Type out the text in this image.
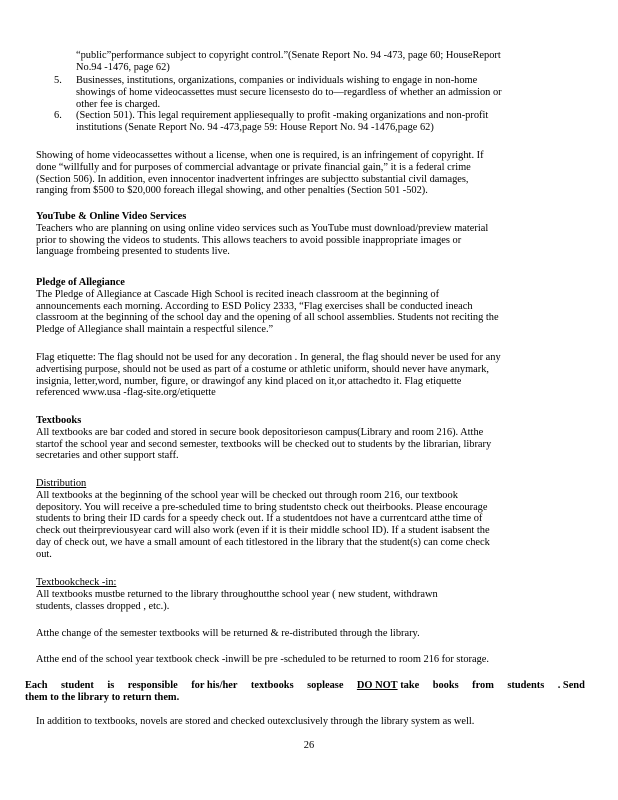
“public”performance subject to copyright control.”(Senate Report No. 94 -473, page 60; HouseReport

No.94 -1476, page 62)

5.	Businesses, institutions, organizations, companies or individuals wishing to engage in non-home

showings of home videocassettes must secure licensesto do to—regardless of whether an admission or

other fee is charged.

6.	(Section 501). This legal requirement appliesequally to profit -making organizations and non-profit

institutions (Senate Report No. 94 -473,page 59: House Report No. 94 -1476,page 62)

Showing of home videocassettes without a license, when one is required, is an infringement of copyright. If

done “willfully and for purposes of commercial advantage or private financial gain,” it is a federal crime

(Section 506). In addition, even innocentor inadvertent infringes are subjectto substantial civil damages,

ranging from $500 to $20,000 foreach illegal showing, and other penalties (Section 501 -502).

YouTube & Online Video Services

Teachers who are planning on using online video services such as YouTube must download/preview material

prior to showing the videos to students. This allows teachers to avoid possible inappropriate images or

language frombeing presented to students live.

Pledge of Allegiance

The Pledge of Allegiance at Cascade High School is recited ineach classroom at the beginning of

announcements each morning. According to ESD Policy 2333, “Flag exercises shall be conducted ineach

classroom at the beginning of the school day and the opening of all school assemblies. Students not reciting the

Pledge of Allegiance shall maintain a respectful silence.”

Flag etiquette: The flag should not be used for any decoration . In general, the flag should never be used for any

advertising purpose, should not be used as part of a costume or athletic uniform, should never have anymark,

insignia, letter,word, number, figure, or drawingof any kind placed on it,or attachedto it. Flag etiquette

referenced www.usa -flag-site.org/etiquette

Textbooks

All textbooks are bar coded and stored in secure book depositorieson campus(Library and room 216). Atthe

startof the school year and second semester, textbooks will be checked out to students by the librarian, library

secretaries and other support staff.

Distribution

All textbooks at the beginning of the school year will be checked out through room 216, our textbook

depository. You will receive a pre-scheduled time to bring studentsto check out theirbooks. Please encourage

students to bring their ID cards for a speedy check out. If a studentdoes not have a currentcard atthe time of

check out theirpreviousyear card will also work (even if it is their middle school ID). If a student isabsent the

day of check out, we have a small amount of each titlestored in the library that the student(s) can come check

out.

Textbookcheck -in:

All textbooks mustbe returned to the library throughoutthe school year ( new student, withdrawn

students, classes dropped , etc.).

Atthe change of the semester textbooks will be returned & re-distributed through the library.

Atthe end of the school year textbook check -inwill be pre -scheduled to be returned to room 216 for storage.

Each student is responsible for his/her textbooks soplease DO NOT take books from students . Send

them to the library to return them.

In addition to textbooks, novels are stored and checked outexclusively through the library system as well.

26
